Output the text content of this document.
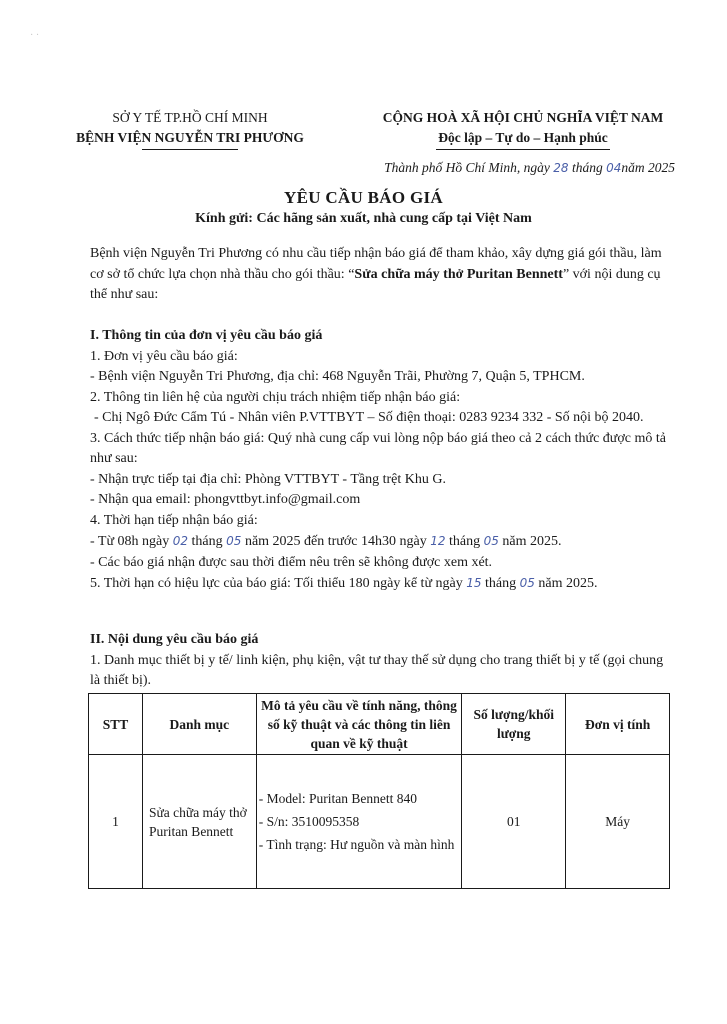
· ·
SỞ Y TẾ TP.HỒ CHÍ MINH
BỆNH VIỆN NGUYỄN TRI PHƯƠNG
CỘNG HOÀ XÃ HỘI CHỦ NGHĨA VIỆT NAM
Độc lập – Tự do – Hạnh phúc
Thành phố Hồ Chí Minh, ngày 28 tháng 04năm 2025
YÊU CẦU BÁO GIÁ
Kính gửi: Các hãng sản xuất, nhà cung cấp tại Việt Nam

Bệnh viện Nguyễn Tri Phương có nhu cầu tiếp nhận báo giá để tham khảo, xây dựng giá gói thầu, làm cơ sở tổ chức lựa chọn nhà thầu cho gói thầu: “Sửa chữa máy thở Puritan Bennett” với nội dung cụ thể như sau:

I. Thông tin của đơn vị yêu cầu báo giá

1. Đơn vị yêu cầu báo giá:

- Bệnh viện Nguyễn Tri Phương, địa chỉ: 468 Nguyễn Trãi, Phường 7, Quận 5, TPHCM.

2. Thông tin liên hệ của người chịu trách nhiệm tiếp nhận báo giá:

- Chị Ngô Đức Cẩm Tú - Nhân viên P.VTTBYT – Số điện thoại: 0283 9234 332 - Số nội bộ 2040.

3. Cách thức tiếp nhận báo giá: Quý nhà cung cấp vui lòng nộp báo giá theo cả 2 cách thức được mô tả như sau:

- Nhận trực tiếp tại địa chỉ: Phòng VTTBYT - Tầng trệt Khu G.

- Nhận qua email: phongvttbyt.info@gmail.com

4. Thời hạn tiếp nhận báo giá:

- Từ 08h ngày 02 tháng 05 năm 2025 đến trước 14h30 ngày 12 tháng 05 năm 2025.

- Các báo giá nhận được sau thời điểm nêu trên sẽ không được xem xét.

5. Thời hạn có hiệu lực của báo giá: Tối thiểu 180 ngày kể từ ngày 15 tháng 05 năm 2025.

II. Nội dung yêu cầu báo giá

1. Danh mục thiết bị y tế/ linh kiện, phụ kiện, vật tư thay thế sử dụng cho trang thiết bị y tế (gọi chung là thiết bị).

STT	Danh mục	Mô tả yêu cầu về tính năng, thông số kỹ thuật và các thông tin liên quan về kỹ thuật	Số lượng/khối lượng	Đơn vị tính
1	Sửa chữa máy thở Puritan Bennett	- Model: Puritan Bennett 840
- S/n: 3510095358
- Tình trạng: Hư nguồn và màn hình	01	Máy
